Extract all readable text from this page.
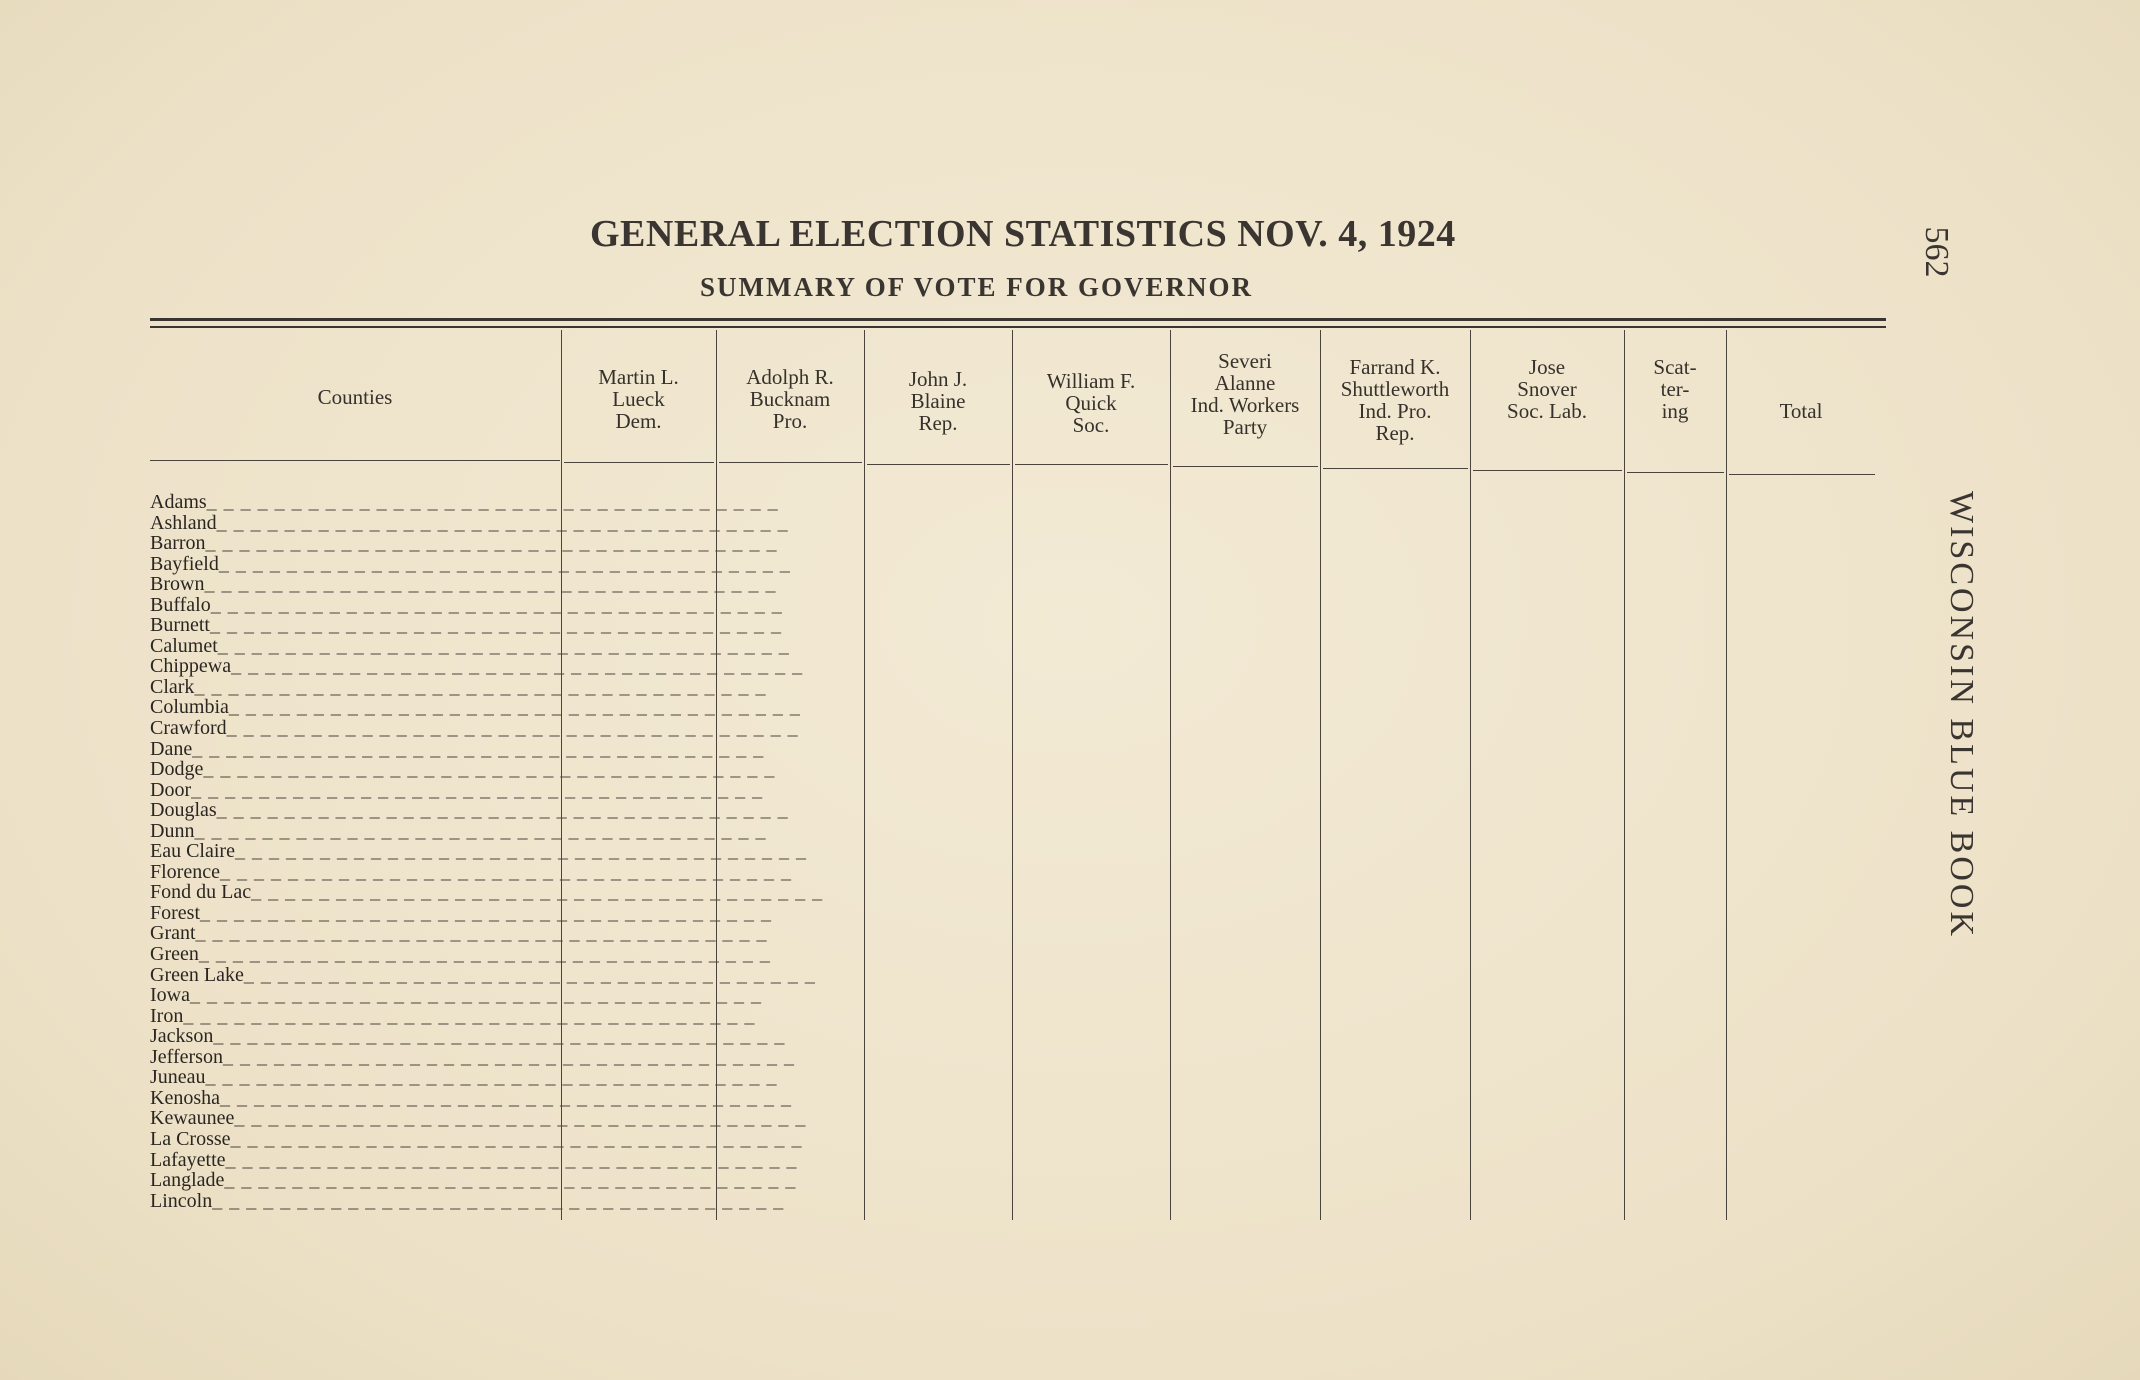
GENERAL ELECTION STATISTICS NOV. 4, 1924
SUMMARY OF VOTE FOR GOVERNOR
562
WISCONSIN BLUE BOOK
Counties
Martin L.
Lueck
Dem.
Adolph R.
Bucknam
Pro.
John J.
Blaine
Rep.
William F.
Quick
Soc.
Severi
Alanne
Ind. Workers
Party
Farrand K.
Shuttleworth
Ind. Pro.
Rep.
Jose
Snover
Soc. Lab.
Scat-
ter-
ing	Total
Adams_ _ _ _ _ _ _ _ _ _ _ _ _ _ _ _ _ _ _ _ _ _ _ _ _ _ _ _ _ _ _ _ _ _
Ashland_ _ _ _ _ _ _ _ _ _ _ _ _ _ _ _ _ _ _ _ _ _ _ _ _ _ _ _ _ _ _ _ _ _
Barron_ _ _ _ _ _ _ _ _ _ _ _ _ _ _ _ _ _ _ _ _ _ _ _ _ _ _ _ _ _ _ _ _ _
Bayfield_ _ _ _ _ _ _ _ _ _ _ _ _ _ _ _ _ _ _ _ _ _ _ _ _ _ _ _ _ _ _ _ _ _
Brown_ _ _ _ _ _ _ _ _ _ _ _ _ _ _ _ _ _ _ _ _ _ _ _ _ _ _ _ _ _ _ _ _ _
Buffalo_ _ _ _ _ _ _ _ _ _ _ _ _ _ _ _ _ _ _ _ _ _ _ _ _ _ _ _ _ _ _ _ _ _
Burnett_ _ _ _ _ _ _ _ _ _ _ _ _ _ _ _ _ _ _ _ _ _ _ _ _ _ _ _ _ _ _ _ _ _
Calumet_ _ _ _ _ _ _ _ _ _ _ _ _ _ _ _ _ _ _ _ _ _ _ _ _ _ _ _ _ _ _ _ _ _
Chippewa_ _ _ _ _ _ _ _ _ _ _ _ _ _ _ _ _ _ _ _ _ _ _ _ _ _ _ _ _ _ _ _ _ _
Clark_ _ _ _ _ _ _ _ _ _ _ _ _ _ _ _ _ _ _ _ _ _ _ _ _ _ _ _ _ _ _ _ _ _
Columbia_ _ _ _ _ _ _ _ _ _ _ _ _ _ _ _ _ _ _ _ _ _ _ _ _ _ _ _ _ _ _ _ _ _
Crawford_ _ _ _ _ _ _ _ _ _ _ _ _ _ _ _ _ _ _ _ _ _ _ _ _ _ _ _ _ _ _ _ _ _
Dane_ _ _ _ _ _ _ _ _ _ _ _ _ _ _ _ _ _ _ _ _ _ _ _ _ _ _ _ _ _ _ _ _ _
Dodge_ _ _ _ _ _ _ _ _ _ _ _ _ _ _ _ _ _ _ _ _ _ _ _ _ _ _ _ _ _ _ _ _ _
Door_ _ _ _ _ _ _ _ _ _ _ _ _ _ _ _ _ _ _ _ _ _ _ _ _ _ _ _ _ _ _ _ _ _
Douglas_ _ _ _ _ _ _ _ _ _ _ _ _ _ _ _ _ _ _ _ _ _ _ _ _ _ _ _ _ _ _ _ _ _
Dunn_ _ _ _ _ _ _ _ _ _ _ _ _ _ _ _ _ _ _ _ _ _ _ _ _ _ _ _ _ _ _ _ _ _
Eau Claire_ _ _ _ _ _ _ _ _ _ _ _ _ _ _ _ _ _ _ _ _ _ _ _ _ _ _ _ _ _ _ _ _ _
Florence_ _ _ _ _ _ _ _ _ _ _ _ _ _ _ _ _ _ _ _ _ _ _ _ _ _ _ _ _ _ _ _ _ _
Fond du Lac_ _ _ _ _ _ _ _ _ _ _ _ _ _ _ _ _ _ _ _ _ _ _ _ _ _ _ _ _ _ _ _ _ _
Forest_ _ _ _ _ _ _ _ _ _ _ _ _ _ _ _ _ _ _ _ _ _ _ _ _ _ _ _ _ _ _ _ _ _
Grant_ _ _ _ _ _ _ _ _ _ _ _ _ _ _ _ _ _ _ _ _ _ _ _ _ _ _ _ _ _ _ _ _ _
Green_ _ _ _ _ _ _ _ _ _ _ _ _ _ _ _ _ _ _ _ _ _ _ _ _ _ _ _ _ _ _ _ _ _
Green Lake_ _ _ _ _ _ _ _ _ _ _ _ _ _ _ _ _ _ _ _ _ _ _ _ _ _ _ _ _ _ _ _ _ _
Iowa_ _ _ _ _ _ _ _ _ _ _ _ _ _ _ _ _ _ _ _ _ _ _ _ _ _ _ _ _ _ _ _ _ _
Iron_ _ _ _ _ _ _ _ _ _ _ _ _ _ _ _ _ _ _ _ _ _ _ _ _ _ _ _ _ _ _ _ _ _
Jackson_ _ _ _ _ _ _ _ _ _ _ _ _ _ _ _ _ _ _ _ _ _ _ _ _ _ _ _ _ _ _ _ _ _
Jefferson_ _ _ _ _ _ _ _ _ _ _ _ _ _ _ _ _ _ _ _ _ _ _ _ _ _ _ _ _ _ _ _ _ _
Juneau_ _ _ _ _ _ _ _ _ _ _ _ _ _ _ _ _ _ _ _ _ _ _ _ _ _ _ _ _ _ _ _ _ _
Kenosha_ _ _ _ _ _ _ _ _ _ _ _ _ _ _ _ _ _ _ _ _ _ _ _ _ _ _ _ _ _ _ _ _ _
Kewaunee_ _ _ _ _ _ _ _ _ _ _ _ _ _ _ _ _ _ _ _ _ _ _ _ _ _ _ _ _ _ _ _ _ _
La Crosse_ _ _ _ _ _ _ _ _ _ _ _ _ _ _ _ _ _ _ _ _ _ _ _ _ _ _ _ _ _ _ _ _ _
Lafayette_ _ _ _ _ _ _ _ _ _ _ _ _ _ _ _ _ _ _ _ _ _ _ _ _ _ _ _ _ _ _ _ _ _
Langlade_ _ _ _ _ _ _ _ _ _ _ _ _ _ _ _ _ _ _ _ _ _ _ _ _ _ _ _ _ _ _ _ _ _
Lincoln_ _ _ _ _ _ _ _ _ _ _ _ _ _ _ _ _ _ _ _ _ _ _ _ _ _ _ _ _ _ _ _ _ _
